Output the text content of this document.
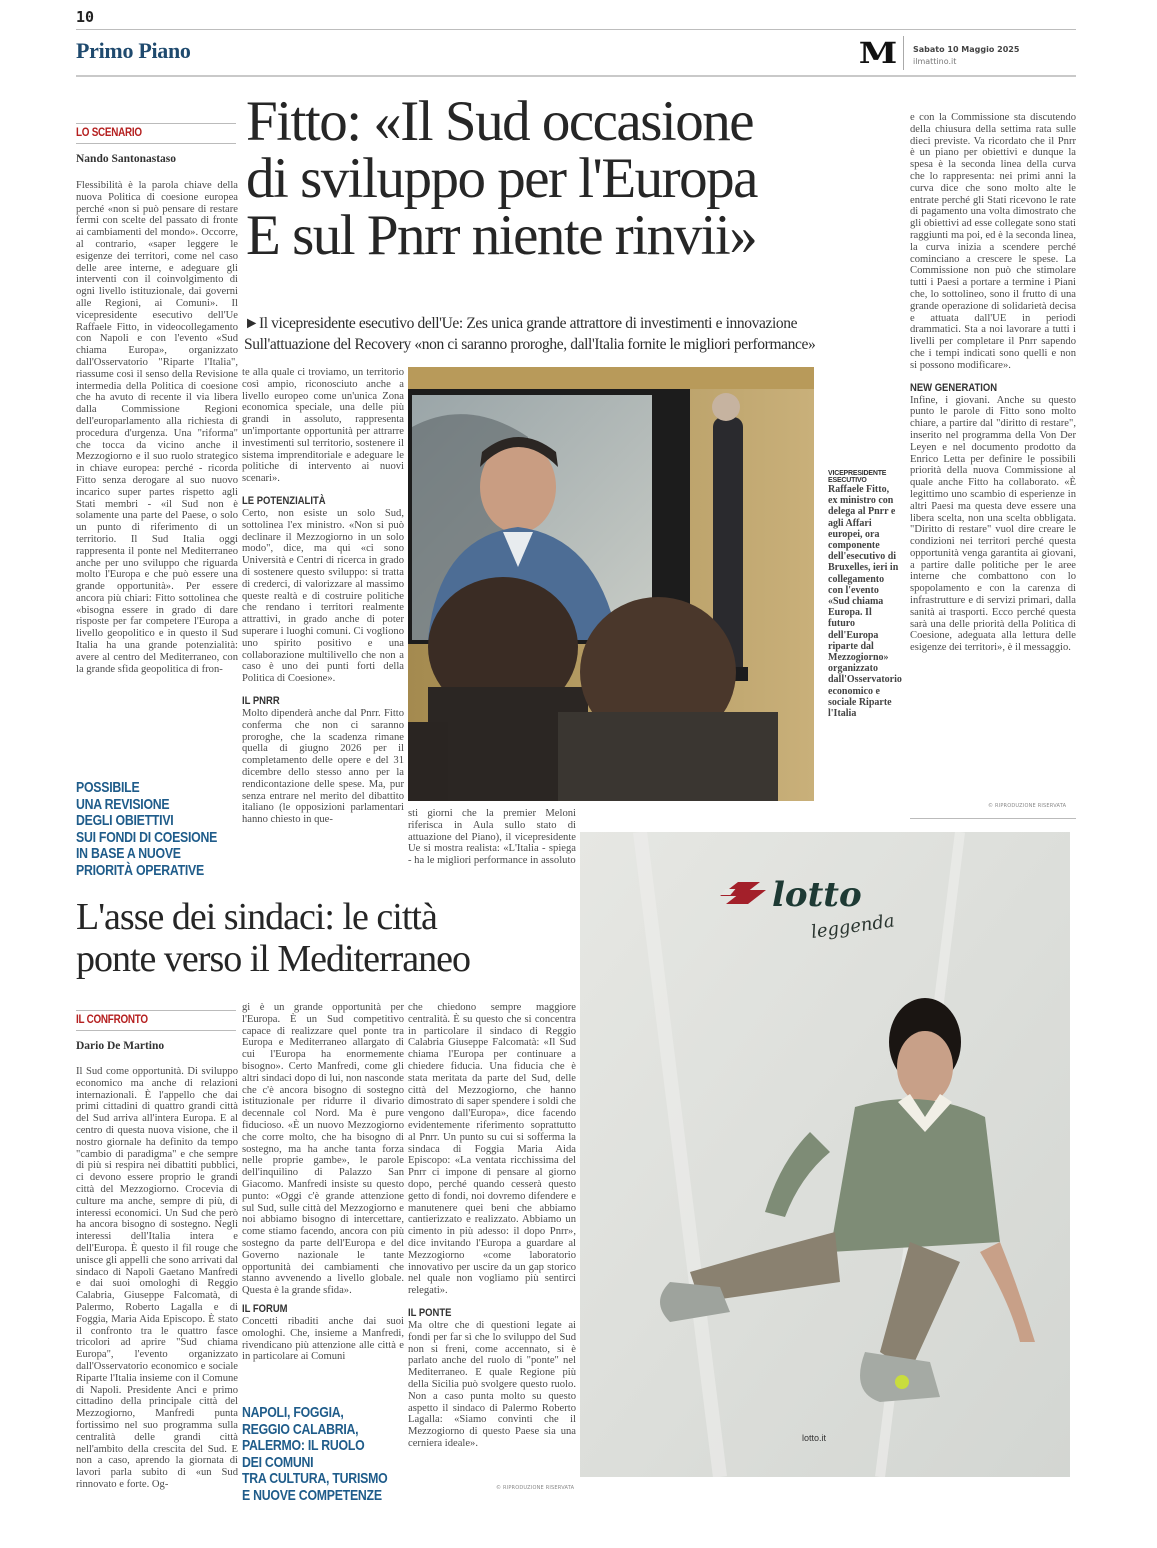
10
Primo Piano	M Sabato 10 Maggio 2025
ilmattino.it
LO SCENARIO
Nando Santonastaso
Fitto: «Il Sud occasione
di sviluppo per l'Europa
E sul Pnrr niente rinvii»
►Il vicepresidente esecutivo dell'Ue: Zes unica grande attrattore di investimenti e innovazione
Sull'attuazione del Recovery «non ci saranno proroghe, dall'Italia fornite le migliori performance»
Flessibilità è la parola chiave della nuova Politica di coesione europea perché «non si può pensare di restare fermi con scelte del passato di fronte ai cambiamenti del mondo». Occorre, al contrario, «saper leggere le esigenze dei territori, come nel caso delle aree interne, e adeguare gli interventi con il coinvolgimento di ogni livello istituzionale, dai governi alle Regioni, ai Comuni». Il vicepresidente esecutivo dell'Ue Raffaele Fitto, in videocollegamento con Napoli e con l'evento «Sud chiama Europa», organizzato dall'Osservatorio "Riparte l'Italia", riassume così il senso della Revisione intermedia della Politica di coesione che ha avuto di recente il via libera dalla Commissione Regioni dell'europarlamento alla richiesta di procedura d'urgenza. Una "riforma" che tocca da vicino anche il Mezzogiorno e il suo ruolo strategico in chiave europea: perché - ricorda Fitto senza derogare al suo nuovo incarico super partes rispetto agli Stati membri - «il Sud non è solamente una parte del Paese, o solo un punto di riferimento di un territorio. Il Sud Italia oggi rappresenta il ponte nel Mediterraneo anche per uno sviluppo che riguarda molto l'Europa e che può essere una grande opportunità». Per essere ancora più chiari: Fitto sottolinea che «bisogna essere in grado di dare risposte per far competere l'Europa a livello geopolitico e in questo il Sud Italia ha una grande potenzialità: avere al centro del Mediterraneo, con la grande sfida geopolitica di fron-
POSSIBILE
UNA REVISIONE
DEGLI OBIETTIVI
SUI FONDI DI COESIONE
IN BASE A NUOVE
PRIORITÀ OPERATIVE
te alla quale ci troviamo, un territorio così ampio, riconosciuto anche a livello europeo come un'unica Zona economica speciale, una delle più grandi in assoluto, rappresenta un'importante opportunità per attrarre investimenti sul territorio, sostenere il sistema imprenditoriale e adeguare le politiche di intervento ai nuovi scenari».
LE POTENZIALITÀ
Certo, non esiste un solo Sud, sottolinea l'ex ministro. «Non si può declinare il Mezzogiorno in un solo modo", dice, ma qui «ci sono Università e Centri di ricerca in grado di sostenere questo sviluppo: si tratta di crederci, di valorizzare al massimo queste realtà e di costruire politiche che rendano i territori realmente attrattivi, in grado anche di poter superare i luoghi comuni. Ci vogliono uno spirito positivo e una collaborazione multilivello che non a caso è uno dei punti forti della Politica di Coesione».
IL PNRR
Molto dipenderà anche dal Pnrr. Fitto conferma che non ci saranno proroghe, che la scadenza rimane quella di giugno 2026 per il completamento delle opere e del 31 dicembre dello stesso anno per la rendicontazione delle spese. Ma, pur senza entrare nel merito del dibattito italiano (le opposizioni parlamentari hanno chiesto in que-
VICEPRESIDENTE ESECUTIVO
Raffaele Fitto, ex ministro con delega al Pnrr e agli Affari europei, ora componente dell'esecutivo di Bruxelles, ieri in collegamento con l'evento «Sud chiama Europa. Il futuro dell'Europa riparte dal Mezzogiorno» organizzato dall'Osservatorio economico e sociale Riparte l'Italia
sti giorni che la premier Meloni riferisca in Aula sullo stato di attuazione del Piano), il vicepresidente Ue si mostra realista: «L'Italia - spiega - ha le migliori performance in assoluto
e con la Commissione sta discutendo della chiusura della settima rata sulle dieci previste. Va ricordato che il Pnrr è un piano per obiettivi e dunque la spesa è la seconda linea della curva che lo rappresenta: nei primi anni la curva dice che sono molto alte le entrate perché gli Stati ricevono le rate di pagamento una volta dimostrato che gli obiettivi ad esse collegate sono stati raggiunti ma poi, ed è la seconda linea, la curva inizia a scendere perché cominciano a crescere le spese. La Commissione non può che stimolare tutti i Paesi a portare a termine i Piani che, lo sottolineo, sono il frutto di una grande operazione di solidarietà decisa e attuata dall'UE in periodi drammatici. Sta a noi lavorare a tutti i livelli per completare il Pnrr sapendo che i tempi indicati sono quelli e non si possono modificare».
NEW GENERATION
Infine, i giovani. Anche su questo punto le parole di Fitto sono molto chiare, a partire dal "diritto di restare", inserito nel programma della Von Der Leyen e nel documento prodotto da Enrico Letta per definire le possibili priorità della nuova Commissione al quale anche Fitto ha collaborato. «È legittimo uno scambio di esperienze in altri Paesi ma questa deve essere una libera scelta, non una scelta obbligata. "Diritto di restare" vuol dire creare le condizioni nei territori perché questa opportunità venga garantita ai giovani, a partire dalle politiche per le aree interne che combattono con lo spopolamento e con la carenza di infrastrutture e di servizi primari, dalla sanità ai trasporti. Ecco perché questa sarà una delle priorità della Politica di Coesione, adeguata alla lettura delle esigenze dei territori», è il messaggio.
© RIPRODUZIONE RISERVATA
L'asse dei sindaci: le città
ponte verso il Mediterraneo
IL CONFRONTO
Dario De Martino
Il Sud come opportunità. Di sviluppo economico ma anche di relazioni internazionali. È l'appello che dai primi cittadini di quattro grandi città del Sud arriva all'intera Europa. E al centro di questa nuova visione, che il nostro giornale ha definito da tempo "cambio di paradigma" e che sempre di più si respira nei dibattiti pubblici, ci devono essere proprio le grandi città del Mezzogiorno. Crocevia di culture ma anche, sempre di più, di interessi economici. Un Sud che però ha ancora bisogno di sostegno. Negli interessi dell'Italia intera e dell'Europa. È questo il fil rouge che unisce gli appelli che sono arrivati dal sindaco di Napoli Gaetano Manfredi e dai suoi omologhi di Reggio Calabria, Giuseppe Falcomatà, di Palermo, Roberto Lagalla e di Foggia, Maria Aida Episcopo. È stato il confronto tra le quattro fasce tricolori ad aprire "Sud chiama Europa", l'evento organizzato dall'Osservatorio economico e sociale Riparte l'Italia insieme con il Comune di Napoli. Presidente Anci e primo cittadino della principale città del Mezzogiorno, Manfredi punta fortissimo nel suo programma sulla centralità delle grandi città nell'ambito della crescita del Sud. E non a caso, aprendo la giornata di lavori parla subito di «un Sud rinnovato e forte. Og-
gi è un grande opportunità per l'Europa. È un Sud competitivo capace di realizzare quel ponte tra Europa e Mediterraneo allargato di cui l'Europa ha enormemente bisogno». Certo Manfredi, come gli altri sindaci dopo di lui, non nasconde che c'è ancora bisogno di sostegno istituzionale per ridurre il divario decennale col Nord. Ma è pure fiducioso. «È un nuovo Mezzogiorno che corre molto, che ha bisogno di sostegno, ma ha anche tanta forza nelle proprie gambe», le parole dell'inquilino di Palazzo San Giacomo. Manfredi insiste su questo punto: «Oggi c'è grande attenzione sul Sud, sulle città del Mezzogiorno e noi abbiamo bisogno di intercettare, come stiamo facendo, ancora con più sostegno da parte dell'Europa e del Governo nazionale le tante opportunità dei cambiamenti che stanno avvenendo a livello globale. Questa è la grande sfida».
IL FORUM
Concetti ribaditi anche dai suoi omologhi. Che, insieme a Manfredi, rivendicano più attenzione alle città e in particolare ai Comuni
NAPOLI, FOGGIA,
REGGIO CALABRIA,
PALERMO: IL RUOLO
DEI COMUNI
TRA CULTURA, TURISMO
E NUOVE COMPETENZE
che chiedono sempre maggiore centralità. È su questo che si concentra in particolare il sindaco di Reggio Calabria Giuseppe Falcomatà: «Il Sud chiama l'Europa per continuare a chiedere fiducia. Una fiducia che è stata meritata da parte del Sud, delle città del Mezzogiorno, che hanno dimostrato di saper spendere i soldi che vengono dall'Europa», dice facendo evidentemente riferimento soprattutto al Pnrr. Un punto su cui si sofferma la sindaca di Foggia Maria Aida Episcopo: «La ventata ricchissima del Pnrr ci impone di pensare al giorno dopo, perché quando cesserà questo getto di fondi, noi dovremo difendere e manutenere quei beni che abbiamo cantierizzato e realizzato. Abbiamo un cimento in più adesso: il dopo Pnrr», dice invitando l'Europa a guardare al Mezzogiorno «come laboratorio innovativo per uscire da un gap storico nel quale non vogliamo più sentirci relegati».
IL PONTE
Ma oltre che di questioni legate ai fondi per far sì che lo sviluppo del Sud non si freni, come accennato, si è parlato anche del ruolo di "ponte" nel Mediterraneo. E quale Regione più della Sicilia può svolgere questo ruolo. Non a caso punta molto su questo aspetto il sindaco di Palermo Roberto Lagalla: «Siamo convinti che il Mezzogiorno di questo Paese sia una cerniera ideale».
© RIPRODUZIONE RISERVATA
lotto
leggenda
lotto.it
